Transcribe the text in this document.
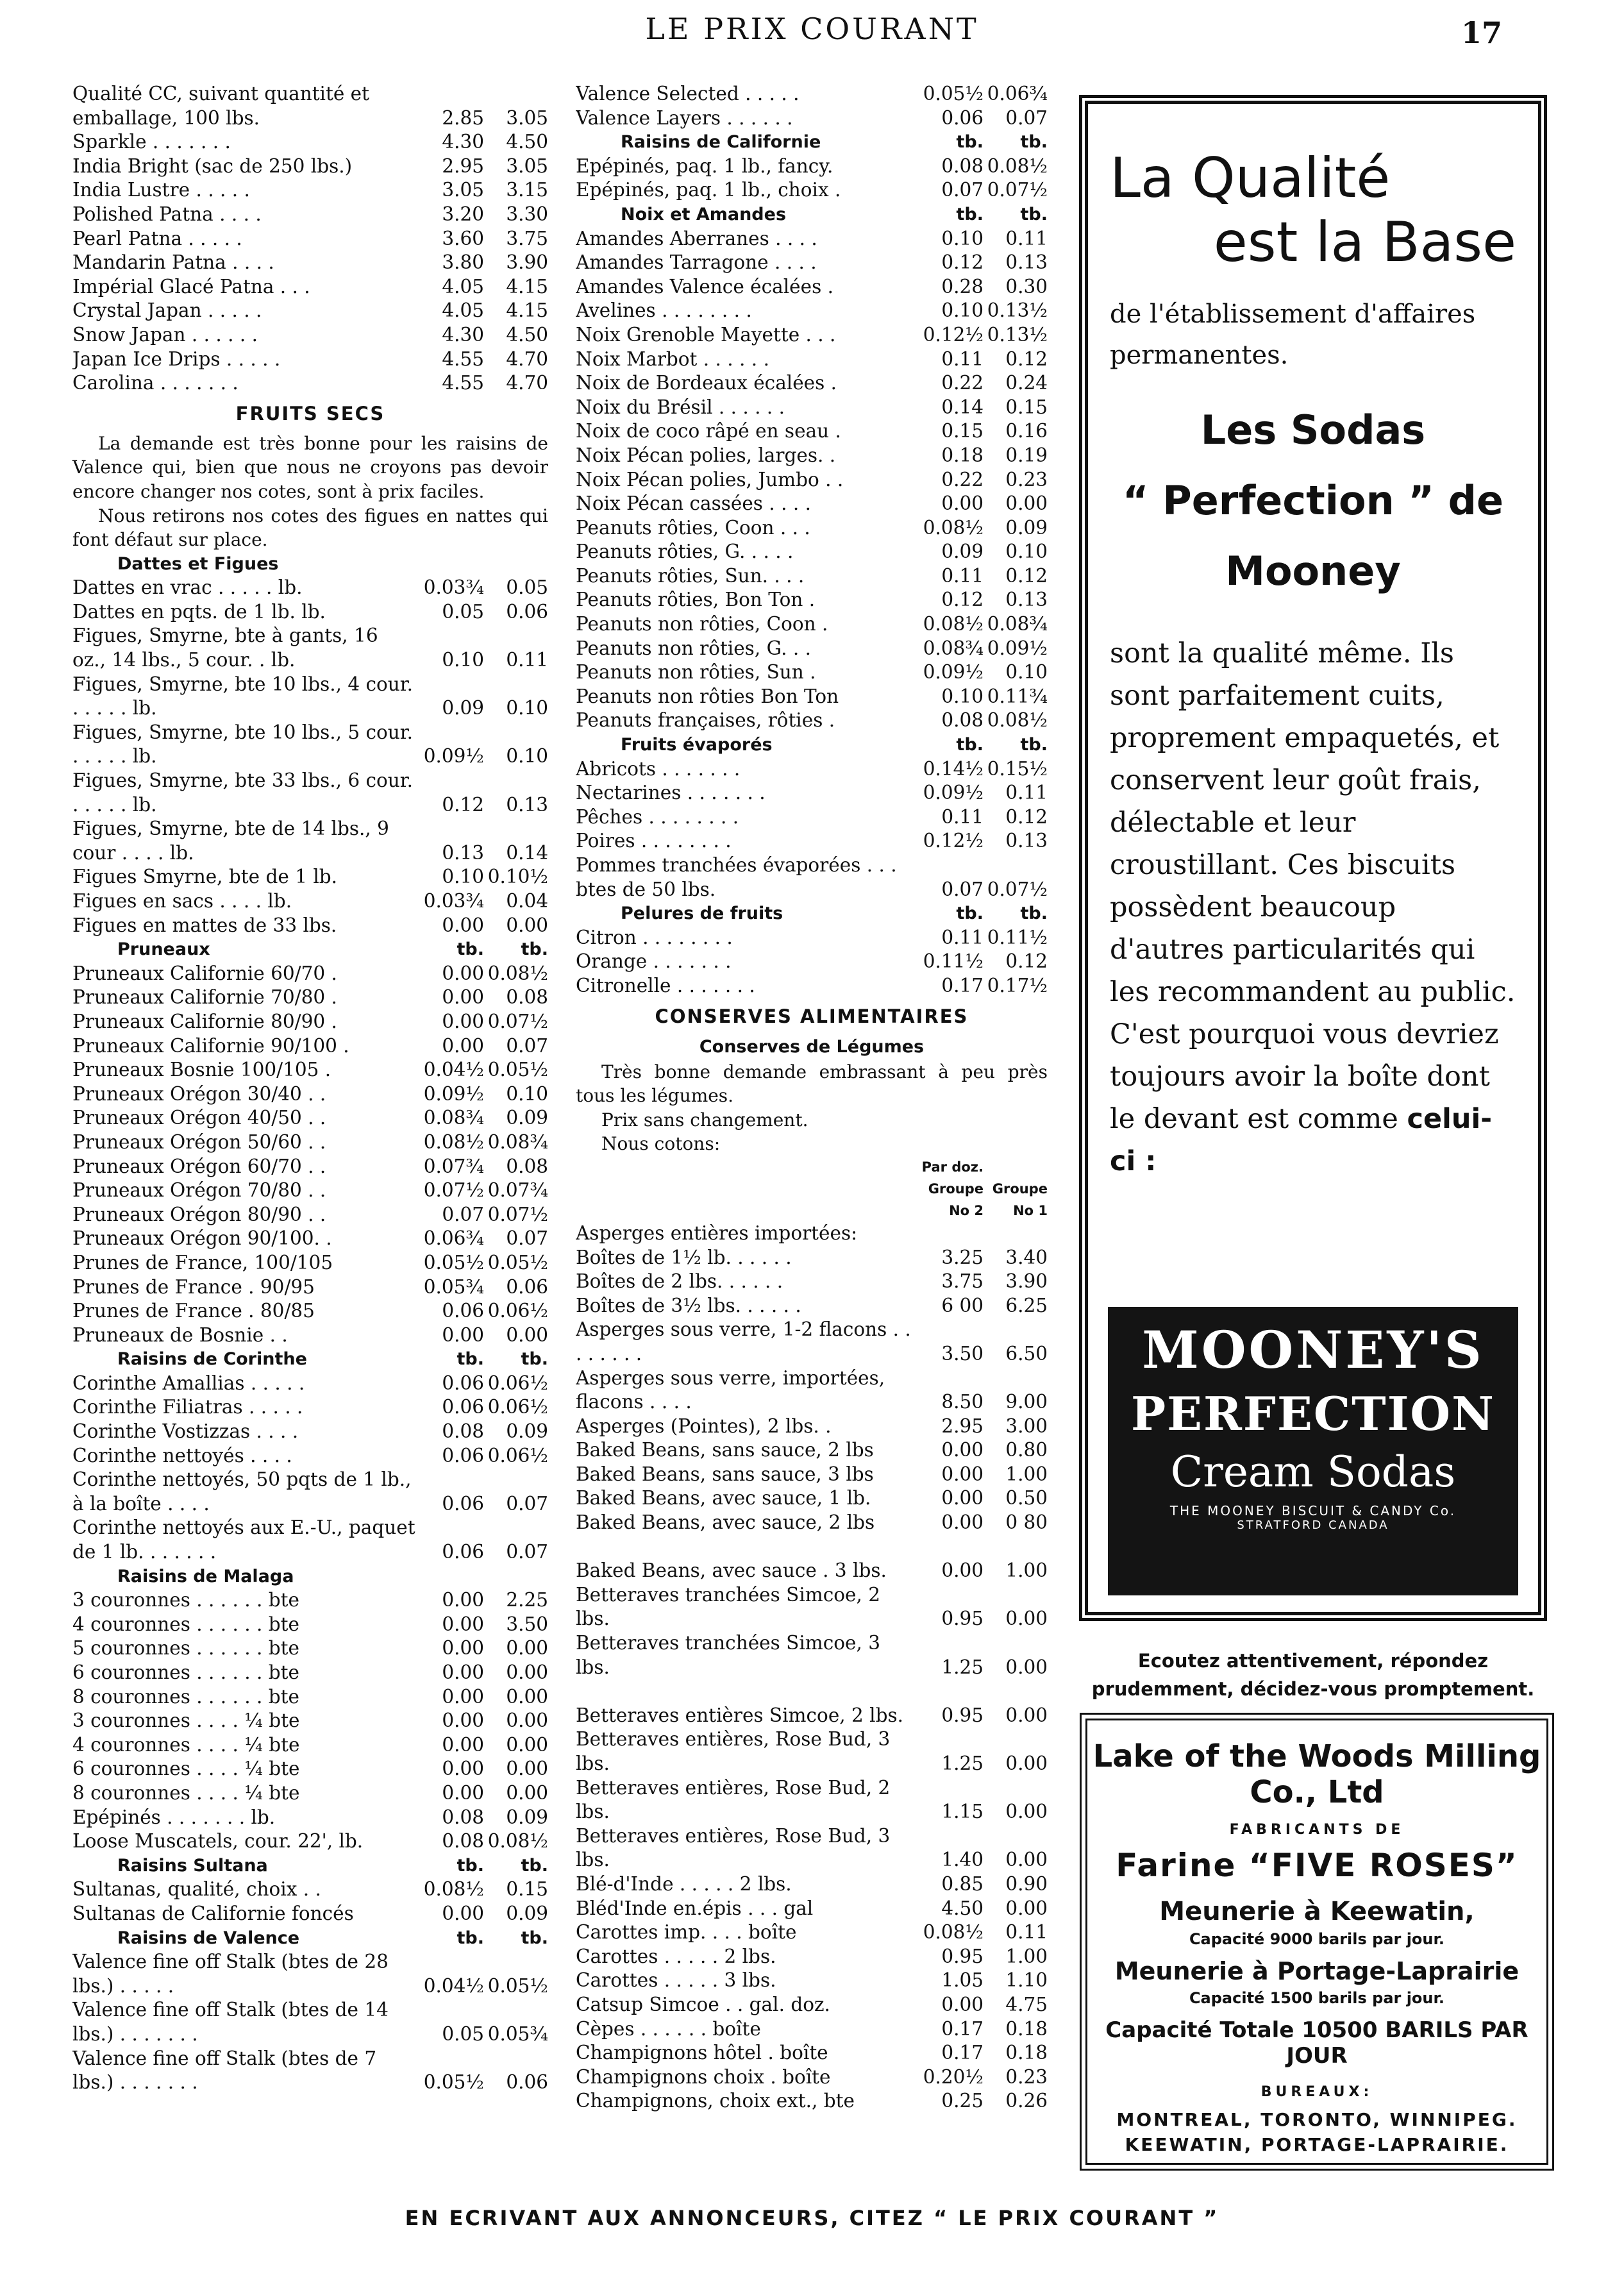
LE PRIX COURANT	17
Qualité CC, suivant quantité et emballage, 100 lbs.	2.85	3.05
Sparkle . . . . . . .	4.30	4.50
India Bright (sac de 250 lbs.)	2.95	3.05
India Lustre . . . . .	3.05	3.15
Polished Patna . . . .	3.20	3.30
Pearl Patna . . . . .	3.60	3.75
Mandarin Patna . . . .	3.80	3.90
Impérial Glacé Patna . . .	4.05	4.15
Crystal Japan . . . . .	4.05	4.15
Snow Japan . . . . . .	4.30	4.50
Japan Ice Drips . . . . .	4.55	4.70
Carolina . . . . . . .	4.55	4.70
FRUITS SECS
La demande est très bonne pour les raisins de Valence qui, bien que nous ne croyons pas devoir encore changer nos cotes, sont à prix faciles.
Nous retirons nos cotes des figues en nattes qui font défaut sur place.
Dattes et Figues
Dattes en vrac . . . . . lb.	0.03¾	0.05
Dattes en pqts. de 1 lb. lb.	0.05	0.06
Figues, Smyrne, bte à gants, 16 oz., 14 lbs., 5 cour. . lb.	0.10	0.11
Figues, Smyrne, bte 10 lbs., 4 cour. . . . . . lb.	0.09	0.10
Figues, Smyrne, bte 10 lbs., 5 cour. . . . . . lb.	0.09½	0.10
Figues, Smyrne, bte 33 lbs., 6 cour. . . . . . lb.	0.12	0.13
Figues, Smyrne, bte de 14 lbs., 9 cour . . . . lb.	0.13	0.14
Figues Smyrne, bte de 1 lb.	0.10 0.10½
Figues en sacs . . . . lb.	0.03¾	0.04
Figues en mattes de 33 lbs.	0.00	0.00
Pruneaux	tb.	tb.
Pruneaux Californie 60/70 .	0.00 0.08½
Pruneaux Californie 70/80 .	0.00	0.08
Pruneaux Californie 80/90 .	0.00 0.07½
Pruneaux Californie 90/100 .	0.00	0.07
Pruneaux Bosnie 100/105 .	0.04½ 0.05½
Pruneaux Orégon 30/40 . .	0.09½	0.10
Pruneaux Orégon 40/50 . .	0.08¾	0.09
Pruneaux Orégon 50/60 . .	0.08½ 0.08¾
Pruneaux Orégon 60/70 . .	0.07¾	0.08
Pruneaux Orégon 70/80 . .	0.07½ 0.07¾
Pruneaux Orégon 80/90 . .	0.07 0.07½
Pruneaux Orégon 90/100. .	0.06¾	0.07
Prunes de France, 100/105	0.05½ 0.05½
Prunes de France . 90/95	0.05¾	0.06
Prunes de France . 80/85	0.06 0.06½
Pruneaux de Bosnie . .	0.00	0.00
Raisins de Corinthe	tb.	tb.
Corinthe Amallias . . . . .	0.06 0.06½
Corinthe Filiatras . . . . .	0.06 0.06½
Corinthe Vostizzas . . . .	0.08	0.09
Corinthe nettoyés . . . .	0.06 0.06½
Corinthe nettoyés, 50 pqts de 1 lb., à la boîte . . . .	0.06	0.07
Corinthe nettoyés aux E.-U., paquet de 1 lb. . . . . . .	0.06	0.07
Raisins de Malaga
3 couronnes . . . . . . bte	0.00	2.25
4 couronnes . . . . . . bte	0.00	3.50
5 couronnes . . . . . . bte	0.00	0.00
6 couronnes . . . . . . bte	0.00	0.00
8 couronnes . . . . . . bte	0.00	0.00
3 couronnes . . . . ¼ bte	0.00	0.00
4 couronnes . . . . ¼ bte	0.00	0.00
6 couronnes . . . . ¼ bte	0.00	0.00
8 couronnes . . . . ¼ bte	0.00	0.00
Epépinés . . . . . . . lb.	0.08	0.09
Loose Muscatels, cour. 22', lb.	0.08 0.08½
Raisins Sultana	tb.	tb.
Sultanas, qualité, choix . .	0.08½	0.15
Sultanas de Californie foncés	0.00	0.09
Raisins de Valence	tb.	tb.
Valence fine off Stalk (btes de 28 lbs.) . . . . .	0.04½ 0.05½
Valence fine off Stalk (btes de 14 lbs.) . . . . . . .	0.05 0.05¾
Valence fine off Stalk (btes de 7 lbs.) . . . . . . .	0.05½	0.06
Valence Selected . . . . .	0.05½ 0.06¾
Valence Layers . . . . . .	0.06	0.07
Raisins de Californie	tb.	tb.
Epépinés, paq. 1 lb., fancy.	0.08 0.08½
Epépinés, paq. 1 lb., choix .	0.07 0.07½
Noix et Amandes	tb.	tb.
Amandes Aberranes . . . .	0.10	0.11
Amandes Tarragone . . . .	0.12	0.13
Amandes Valence écalées .	0.28	0.30
Avelines . . . . . . . .	0.10 0.13½
Noix Grenoble Mayette . . .	0.12½ 0.13½
Noix Marbot . . . . . .	0.11	0.12
Noix de Bordeaux écalées .	0.22	0.24
Noix du Brésil . . . . . .	0.14	0.15
Noix de coco râpé en seau .	0.15	0.16
Noix Pécan polies, larges. .	0.18	0.19
Noix Pécan polies, Jumbo . .	0.22	0.23
Noix Pécan cassées . . . .	0.00	0.00
Peanuts rôties, Coon . . .	0.08½	0.09
Peanuts rôties, G. . . . .	0.09	0.10
Peanuts rôties, Sun. . . .	0.11	0.12
Peanuts rôties, Bon Ton .	0.12	0.13
Peanuts non rôties, Coon .	0.08½ 0.08¾
Peanuts non rôties, G. . .	0.08¾ 0.09½
Peanuts non rôties, Sun .	0.09½	0.10
Peanuts non rôties Bon Ton	0.10 0.11¾
Peanuts françaises, rôties .	0.08 0.08½
Fruits évaporés	tb.	tb.
Abricots . . . . . . .	0.14½ 0.15½
Nectarines . . . . . . .	0.09½	0.11
Pêches . . . . . . . .	0.11	0.12
Poires . . . . . . . .	0.12½	0.13
Pommes tranchées évaporées . . . btes de 50 lbs.	0.07 0.07½
Pelures de fruits	tb.	tb.
Citron . . . . . . . .	0.11 0.11½
Orange . . . . . . .	0.11½	0.12
Citronelle . . . . . . .	0.17 0.17½
CONSERVES ALIMENTAIRES
Conserves de Légumes
Très bonne demande embrassant à peu près tous les légumes.
Prix sans changement.
Nous cotons:
Par doz.
Groupe Groupe
No 2	No 1
Asperges entières importées:
Boîtes de 1½ lb. . . . . .	3.25	3.40
Boîtes de 2 lbs. . . . . .	3.75	3.90
Boîtes de 3½ lbs. . . . . .	6 00	6.25
Asperges sous verre, 1-2 flacons . . . . . . . .	3.50	6.50
Asperges sous verre, importées, flacons . . . .	8.50	9.00
Asperges (Pointes), 2 lbs. .	2.95	3.00
Baked Beans, sans sauce, 2 lbs	0.00	0.80
Baked Beans, sans sauce, 3 lbs	0.00	1.00
Baked Beans, avec sauce, 1 lb.	0.00	0.50
Baked Beans, avec sauce, 2 lbs	0.00	0 80
Baked Beans, avec sauce . 3 lbs.	0.00	1.00
Betteraves tranchées Simcoe, 2 lbs.	0.95	0.00
Betteraves tranchées Simcoe, 3 lbs.	1.25	0.00
Betteraves entières Simcoe, 2 lbs.	0.95	0.00
Betteraves entières, Rose Bud, 3 lbs.	1.25	0.00
Betteraves entières, Rose Bud, 2 lbs.	1.15	0.00
Betteraves entières, Rose Bud, 3 lbs.	1.40	0.00
Blé-d'Inde . . . . . 2 lbs.	0.85	0.90
Bléd'Inde en.épis . . . gal	4.50	0.00
Carottes imp. . . . boîte	0.08½	0.11
Carottes . . . . . 2 lbs.	0.95	1.00
Carottes . . . . . 3 lbs.	1.05	1.10
Catsup Simcoe . . gal. doz.	0.00	4.75
Cèpes . . . . . . boîte	0.17	0.18
Champignons hôtel . boîte	0.17	0.18
Champignons choix . boîte	0.20½	0.23
Champignons, choix ext., bte	0.25	0.26
La Qualité
est la Base
de l'établissement d'affaires permanentes.
Les Sodas
“ Perfection ” de
Mooney
sont la qualité même. Ils sont parfaitement cuits, proprement empaquetés, et conservent leur goût frais, délectable et leur croustillant. Ces biscuits possèdent beaucoup d'autres particularités qui les recommandent au public. C'est pourquoi vous devriez toujours avoir la boîte dont le devant est comme celui-ci :
MOONEY'S
PERFECTION
Cream Sodas
THE MOONEY BISCUIT & CANDY Co.
STRATFORD CANADA
Ecoutez attentivement, répondez prudemment, décidez-vous promptement.
Lake of the Woods Milling Co., Ltd
FABRICANTS DE
Farine “FIVE ROSES”
Meunerie à Keewatin,
Capacité 9000 barils par jour.
Meunerie à Portage-Laprairie
Capacité 1500 barils par jour.
Capacité Totale 10500 BARILS PAR JOUR
BUREAUX:
MONTREAL, TORONTO, WINNIPEG.
KEEWATIN, PORTAGE-LAPRAIRIE.
EN ECRIVANT AUX ANNONCEURS, CITEZ “ LE PRIX COURANT ”
